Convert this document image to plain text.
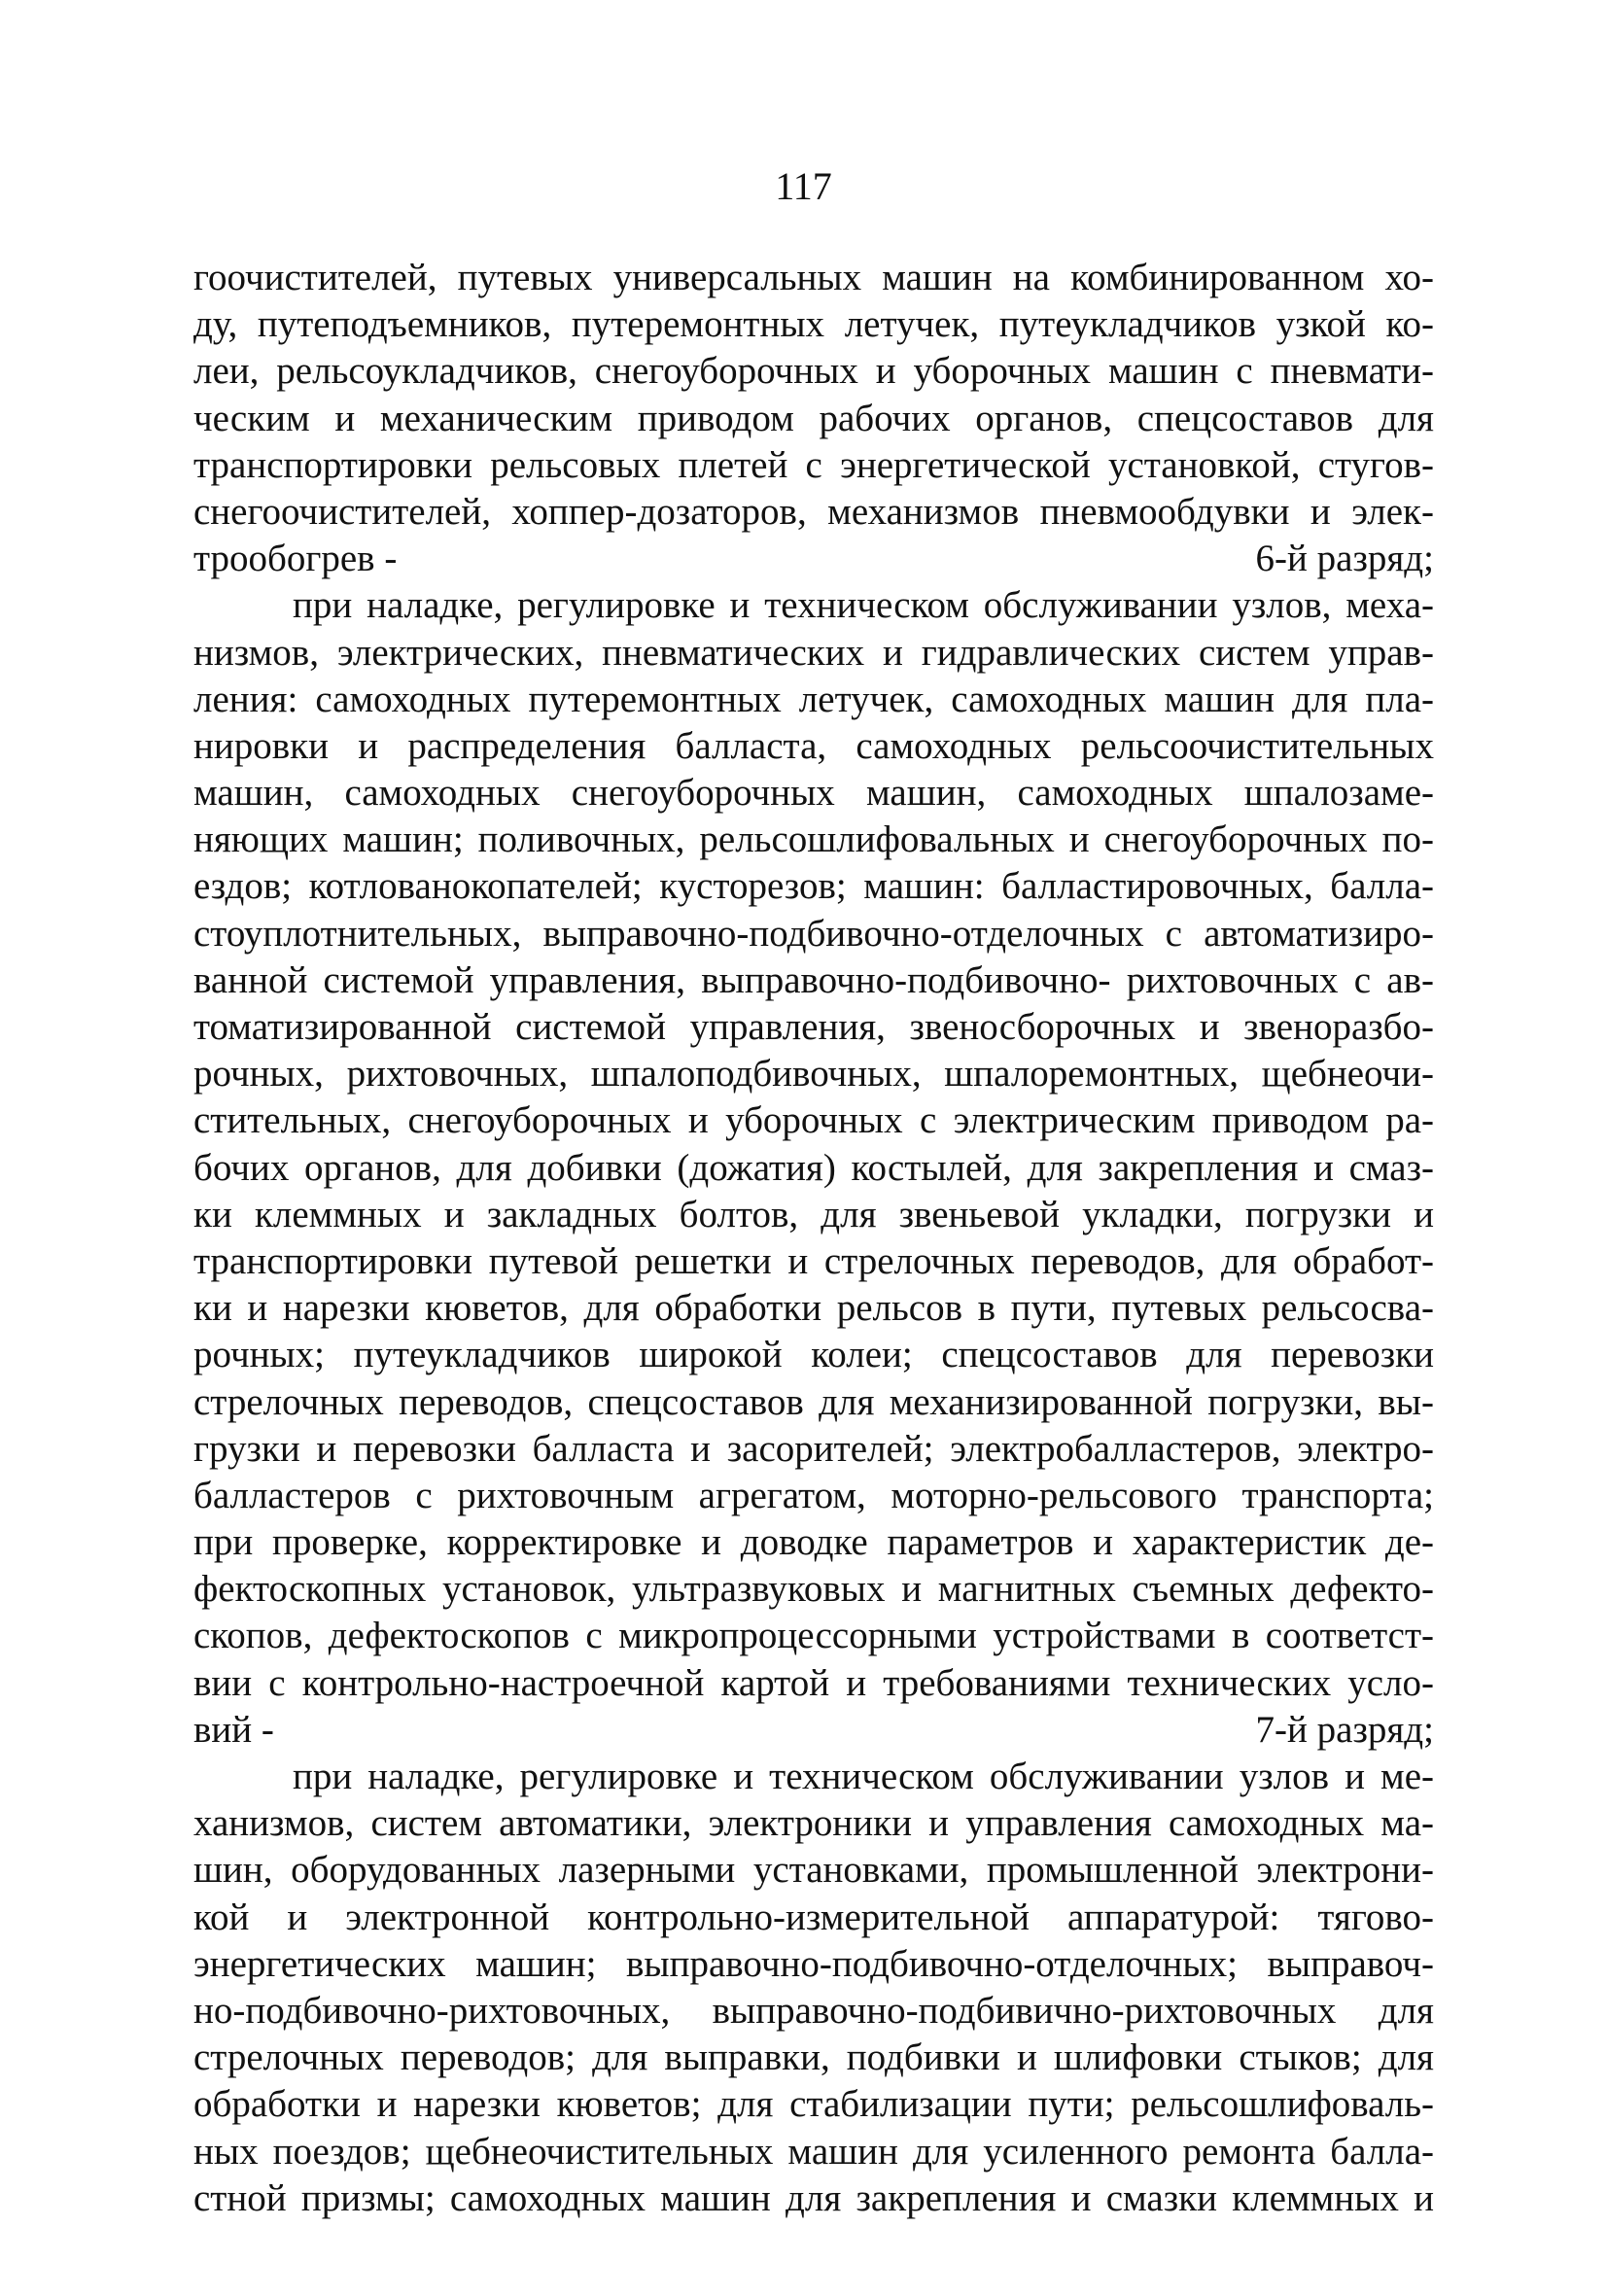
117
гоочистителей, путевых универсальных машин на комбинированном хо-
ду, путеподъемников, путеремонтных летучек, путеукладчиков узкой ко-
леи, рельсоукладчиков, снегоуборочных и уборочных машин с пневмати-
ческим и механическим приводом рабочих органов, спецсоставов для
транспортировки рельсовых плетей с энергетической установкой, стугов-
снегоочистителей, хоппер-дозаторов, механизмов пневмообдувки и элек-
трообогрев -	6-й разряд;
при наладке, регулировке и техническом обслуживании узлов, меха-
низмов, электрических, пневматических и гидравлических систем управ-
ления: самоходных путеремонтных летучек, самоходных машин для пла-
нировки и распределения балласта, самоходных рельсоочистительных
машин, самоходных снегоуборочных машин, самоходных шпалозаме-
няющих машин; поливочных, рельсошлифовальных и снегоуборочных по-
ездов; котлованокопателей; кусторезов; машин: балластировочных, балла-
стоуплотнительных, выправочно-подбивочно-отделочных с автоматизиро-
ванной системой управления, выправочно-подбивочно- рихтовочных с ав-
томатизированной системой управления, звеносборочных и звеноразбо-
рочных, рихтовочных, шпалоподбивочных, шпалоремонтных, щебнеочи-
стительных, снегоуборочных и уборочных с электрическим приводом ра-
бочих органов, для добивки (дожатия) костылей, для закрепления и смаз-
ки клеммных и закладных болтов, для звеньевой укладки, погрузки и
транспортировки путевой решетки и стрелочных переводов, для обработ-
ки и нарезки кюветов, для обработки рельсов в пути, путевых рельсосва-
рочных; путеукладчиков широкой колеи; спецсоставов для перевозки
стрелочных переводов, спецсоставов для механизированной погрузки, вы-
грузки и перевозки балласта и засорителей; электробалластеров, электро-
балластеров с рихтовочным агрегатом, моторно-рельсового транспорта;
при проверке, корректировке и доводке параметров и характеристик де-
фектоскопных установок, ультразвуковых и магнитных съемных дефекто-
скопов, дефектоскопов с микропроцессорными устройствами в соответст-
вии с контрольно-настроечной картой и требованиями технических усло-
вий -	7-й разряд;
при наладке, регулировке и техническом обслуживании узлов и ме-
ханизмов, систем автоматики, электроники и управления самоходных ма-
шин, оборудованных лазерными установками, промышленной электрони-
кой и электронной контрольно-измерительной аппаратурой: тягово-
энергетических машин; выправочно-подбивочно-отделочных; выправоч-
но-подбивочно-рихтовочных, выправочно-подбивично-рихтовочных для
стрелочных переводов; для выправки, подбивки и шлифовки стыков; для
обработки и нарезки кюветов; для стабилизации пути; рельсошлифоваль-
ных поездов; щебнеочистительных машин для усиленного ремонта балла-
стной призмы; самоходных машин для закрепления и смазки клеммных и
